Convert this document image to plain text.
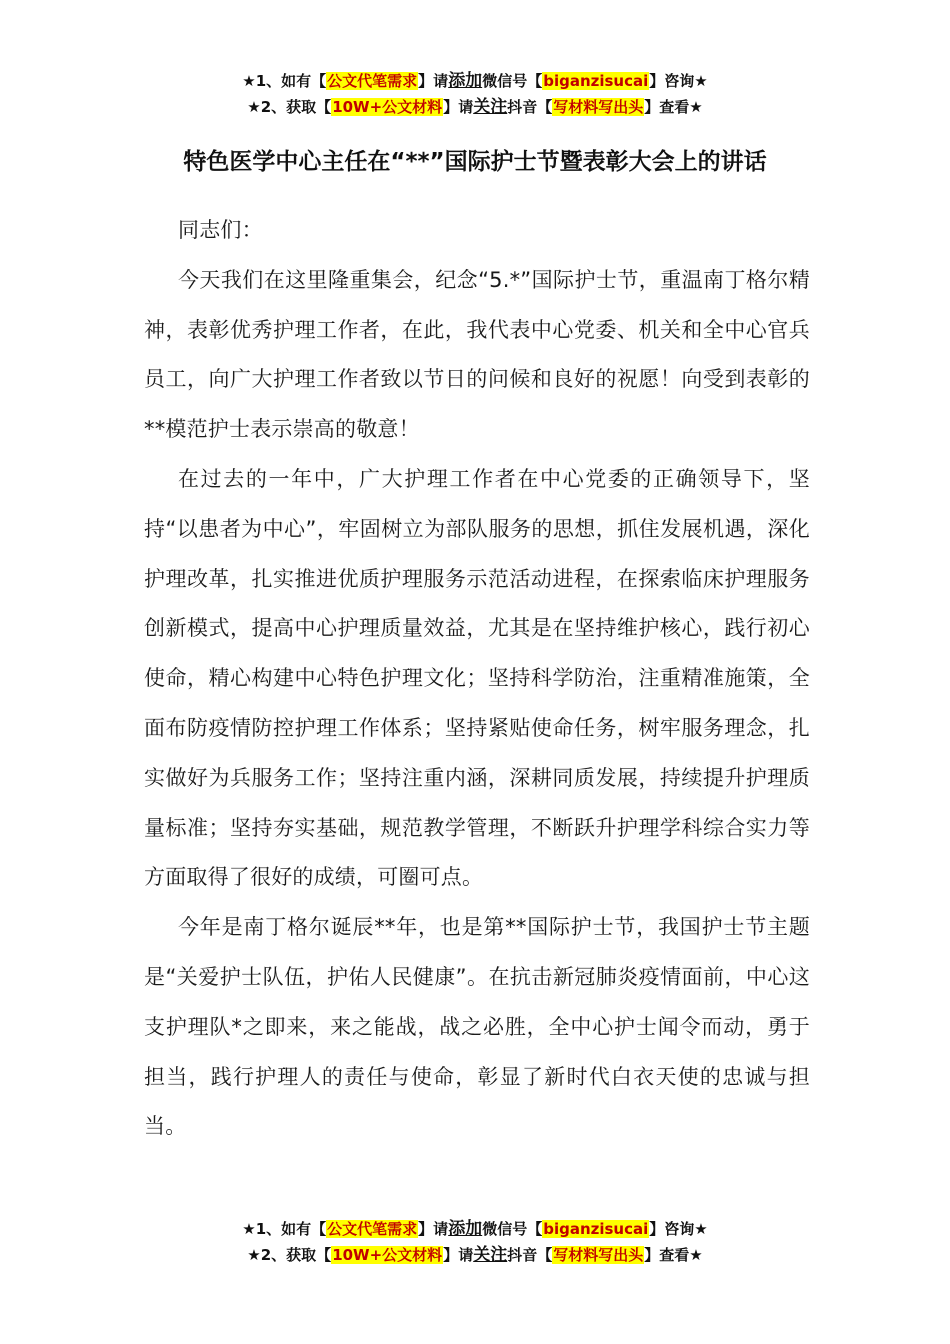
★1、如有【公文代笔需求】请添加微信号【biganzisucai】咨询★
★2、获取【10W+公文材料】请关注抖音【写材料写出头】查看★
特色医学中心主任在“**”国际护士节暨表彰大会上的讲话

同志们：

今天我们在这里隆重集会，纪念“5.*”国际护士节，重温南丁格尔精神，表彰优秀护理工作者，在此，我代表中心党委、机关和全中心官兵员工，向广大护理工作者致以节日的问候和良好的祝愿！向受到表彰的**模范护士表示崇高的敬意！

在过去的一年中，广大护理工作者在中心党委的正确领导下，坚持“以患者为中心”，牢固树立为部队服务的思想，抓住发展机遇，深化护理改革，扎实推进优质护理服务示范活动进程，在探索临床护理服务创新模式，提高中心护理质量效益，尤其是在坚持维护核心，践行初心使命，精心构建中心特色护理文化；坚持科学防治，注重精准施策，全面布防疫情防控护理工作体系；坚持紧贴使命任务，树牢服务理念，扎实做好为兵服务工作；坚持注重内涵，深耕同质发展，持续提升护理质量标准；坚持夯实基础，规范教学管理，不断跃升护理学科综合实力等方面取得了很好的成绩，可圈可点。

今年是南丁格尔诞辰**年，也是第**国际护士节，我国护士节主题是“关爱护士队伍，护佑人民健康”。在抗击新冠肺炎疫情面前，中心这支护理队*之即来，来之能战，战之必胜，全中心护士闻令而动，勇于担当，践行护理人的责任与使命，彰显了新时代白衣天使的忠诚与担当。

★1、如有【公文代笔需求】请添加微信号【biganzisucai】咨询★
★2、获取【10W+公文材料】请关注抖音【写材料写出头】查看★
